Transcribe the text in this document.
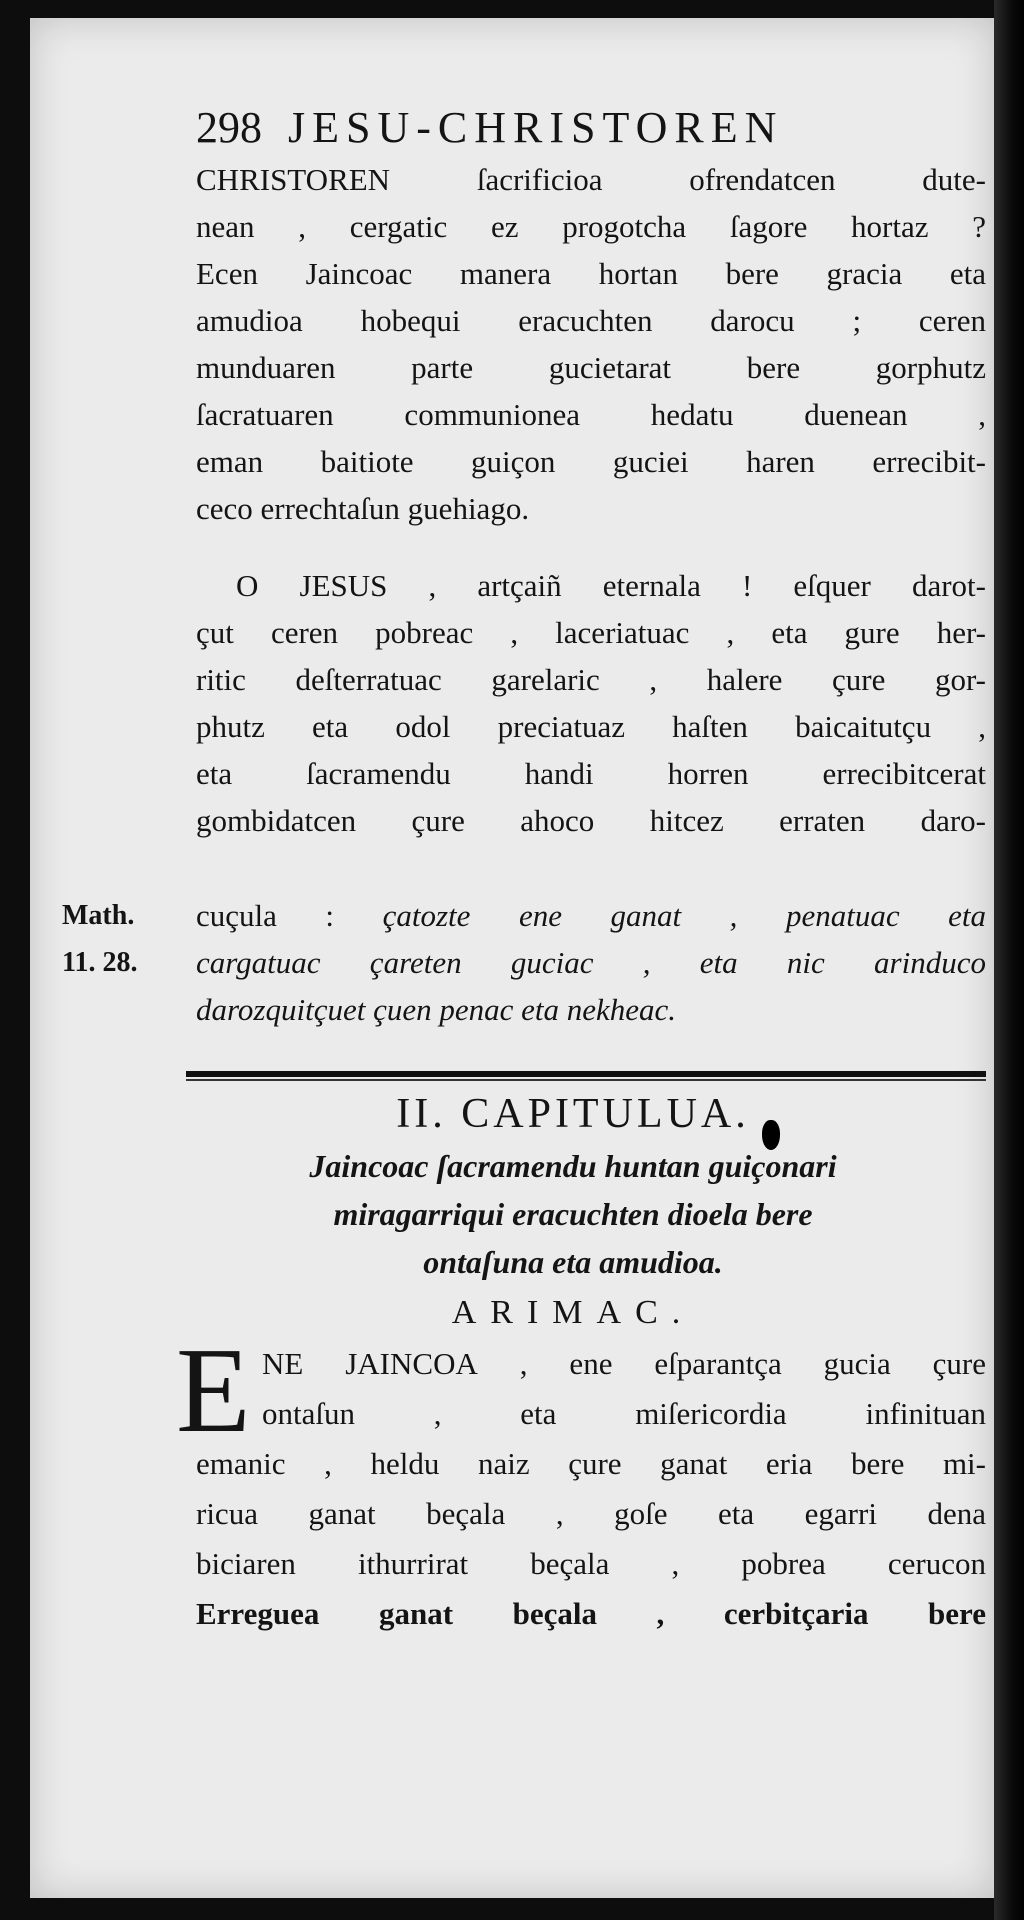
298 JESU-CHRISTOREN
CHRISTOREN ſacrificioa ofrendatcen dute-
nean , cergatic ez progotcha ſagore hortaz ?
Ecen Jaincoac manera hortan bere gracia eta
amudioa hobequi eracuchten darocu ; ceren
munduaren parte gucietarat bere gorphutz
ſacratuaren communionea hedatu duenean ,
eman baitiote guiçon guciei haren errecibit-
ceco errechtaſun guehiago.
O JESUS , artçaiñ eternala ! eſquer darot-
çut ceren pobreac , laceriatuac , eta gure her-
ritic deſterratuac garelaric , halere çure gor-
phutz eta odol preciatuaz haſten baicaitutçu ,
eta ſacramendu handi horren errecibitcerat
gombidatcen çure ahoco hitcez erraten daro-
cuçula : çatozte ene ganat , penatuac eta
cargatuac çareten guciac , eta nic arinduco
darozquitçuet çuen penac eta nekheac.
Math.
11. 28.
II. CAPITULUA.
Jaincoac ſacramendu huntan guiçonari
miragarriqui eracuchten dioela bere
ontaſuna eta amudioa.
ARIMAC.
E NE JAINCOA , ene eſparantça gucia çure
ontaſun , eta miſericordia infinituan
emanic , heldu naiz çure ganat eria bere mi-
ricua ganat beçala , goſe eta egarri dena
biciaren ithurrirat beçala , pobrea cerucon
Erreguea ganat beçala , cerbitçaria bere
